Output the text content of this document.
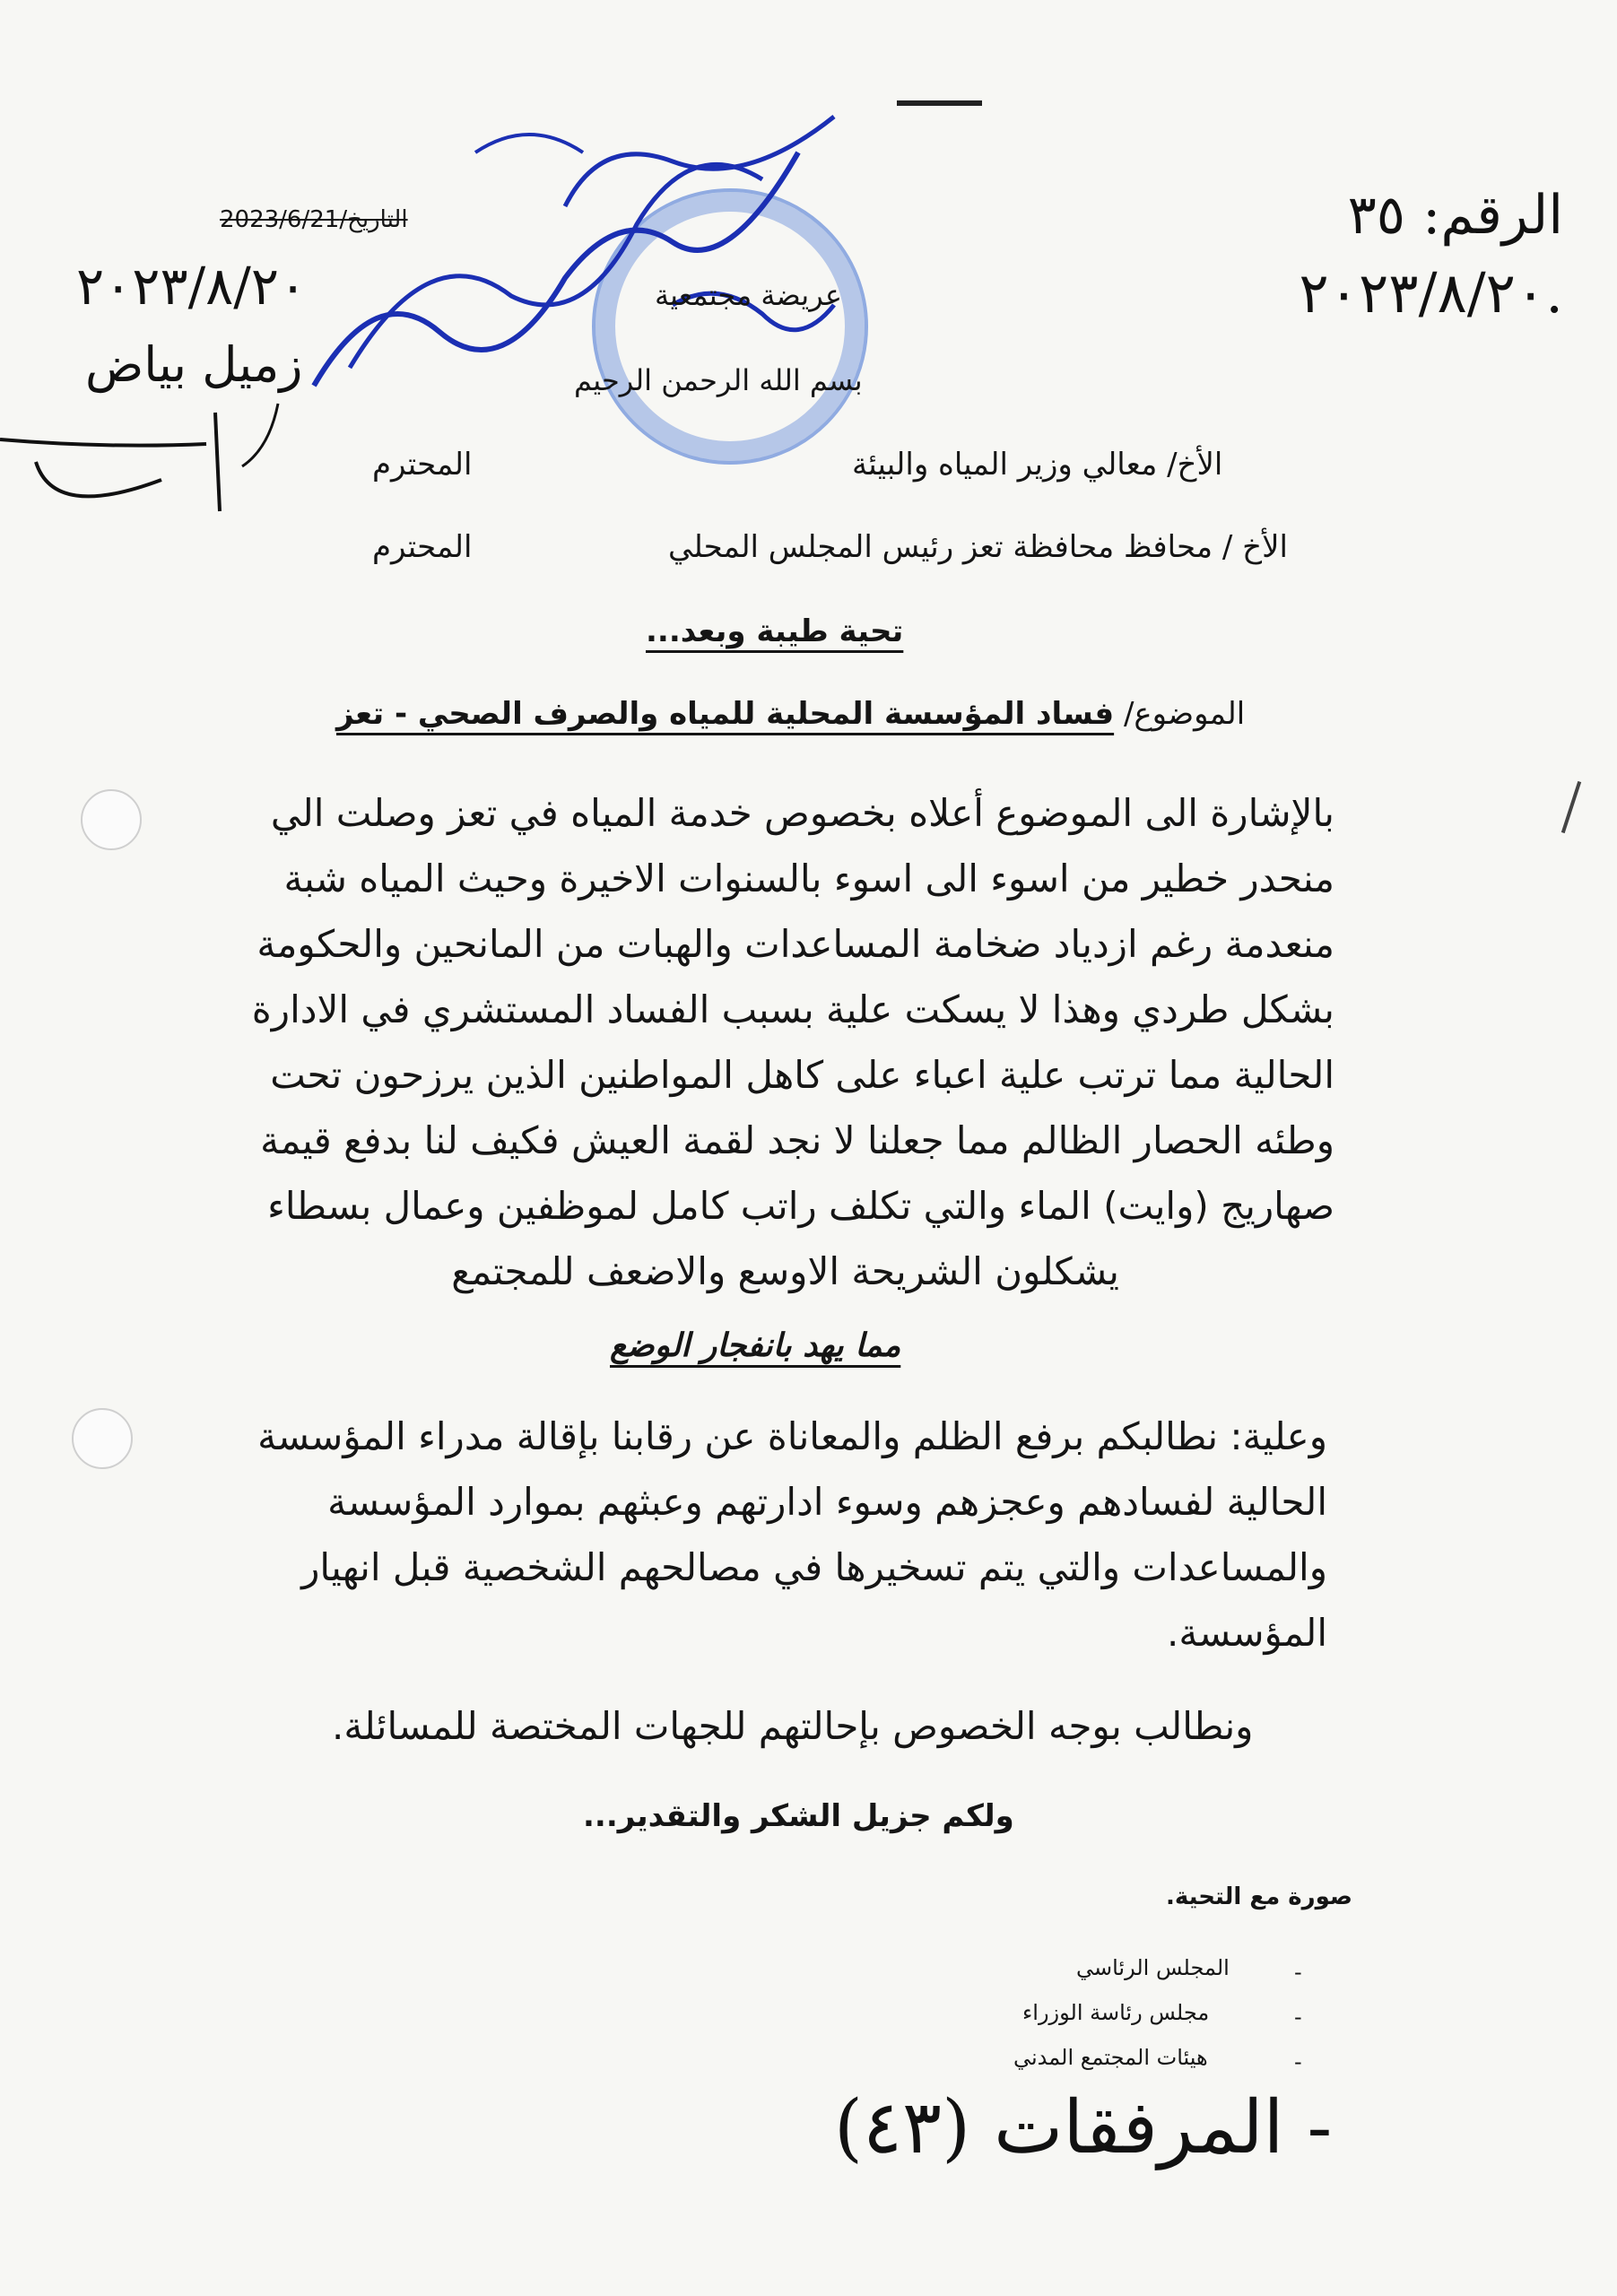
الرقم: ٣٥
٢٠٢٣/٨/٢٠.
التاريخ/2023/6/21
٢٠٢٣/٨/٢٠
زميل بياض
عريضة مجتمعية
بسم الله الرحمن الرحيم
الأخ/ معالي وزير المياه والبيئة
المحترم
الأخ / محافظ محافظة تعز رئيس المجلس المحلي
المحترم
تحية طيبة وبعد...
الموضوع/ فساد المؤسسة المحلية للمياه والصرف الصحي - تعز
بالإشارة الى الموضوع أعلاه بخصوص خدمة المياه في تعز وصلت الي
منحدر خطير من اسوء الى اسوء بالسنوات الاخيرة وحيث المياه شبة
منعدمة رغم ازدياد ضخامة المساعدات والهبات من المانحين والحكومة
بشكل طردي وهذا لا يسكت علية بسبب الفساد المستشري في الادارة
الحالية مما ترتب علية اعباء على كاهل المواطنين الذين يرزحون تحت
وطئه الحصار الظالم مما جعلنا لا نجد لقمة العيش فكيف لنا بدفع قيمة
صهاريج (وايت) الماء والتي تكلف راتب كامل لموظفين وعمال بسطاء
يشكلون الشريحة الاوسع والاضعف للمجتمع
مما يهد بانفجار الوضع
وعلية: نطالبكم برفع الظلم والمعاناة عن رقابنا بإقالة مدراء المؤسسة
الحالية لفسادهم وعجزهم وسوء ادارتهم وعبثهم بموارد المؤسسة
والمساعدات والتي يتم تسخيرها في مصالحهم الشخصية قبل انهيار
المؤسسة.
ونطالب بوجه الخصوص بإحالتهم للجهات المختصة للمسائلة.
ولكم جزيل الشكر والتقدير...
صورة مع التحية.
-
المجلس الرئاسي
-
مجلس رئاسة الوزراء
-
هيئات المجتمع المدني
- المرفقات (٤٣)
